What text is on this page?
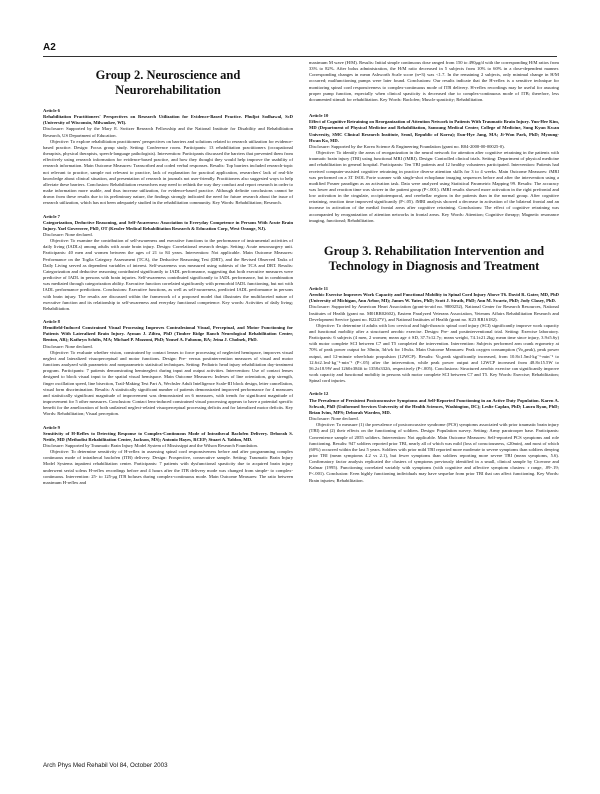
A2
Group 2. Neuroscience and Neurorehabilitation

Article 6

Rehabilitation Practitioners' Perspectives on Research Utilization for Evidence-Based Practice. Phuljot Sodhawal, ScD (University of Wisconsin, Milwaukee, WI).

Disclosure: Supported by the Mary E. Switzer Research Fellowship and the National Institute for Disability and Rehabilitation Research, US Department of Education.

Objective: To explore rehabilitation practitioners' perspectives on barriers and solutions related to research utilization for evidence-based practice. Design: Focus group study. Setting: Conference room. Participants: 13 rehabilitation practitioners (occupational therapists, physical therapists, speech-language pathologists). Intervention: Participants discussed the barriers that prevented them from effectively using research information for evidence-based practice, and how they thought they would help improve the usability of research information. Main Outcome Measures: Transcribed and coded verbal responses. Results: Top barriers included research-topic not relevant to practice, sample not relevant to practice, lack of explanation for practical application, researchers' lack of real-life knowledge about clinical situation, and presentation of research in journals not user-friendly. Practitioners also suggested ways to help alleviate these barriers. Conclusion: Rehabilitation researchers may need to rethink the way they conduct and report research in order to make information more usable, and thus increase utilization, for evidence-based practice. Although definite conclusions cannot be drawn from these results due to its preliminary nature, the findings strongly indicated the need for future research about the issue of research utilization, which has not been adequately studied in the rehabilitation community. Key Words: Rehabilitation; Research.

Article 7

Categorization, Deductive Reasoning, and Self-Awareness: Association to Everyday Competence in Persons With Acute Brain Injury. Yael Goverover, PhD, OT (Kessler Medical Rehabilitation Research & Education Corp, West Orange, NJ).

Disclosure: None declared.

Objective: To examine the contribution of self-awareness and executive functions to the performance of instrumental activities of daily living (IADLs) among adults with acute brain injury. Design: Correlational research design. Setting: Acute neurosurgery unit. Participants: 40 men and women between the ages of 21 to 84 years. Intervention: Not applicable. Main Outcome Measures: Performance on the Toglia Category Assessment (TCA), the Deductive Reasoning Test (DRT), and the Revised Observed Tasks of Daily Living served as dependent variables of interest. Self-awareness was measured using subtests of the TCA and DRT. Results: Categorization and deductive reasoning contributed significantly to IADL performance, suggesting that both executive measures were predictive of IADL in persons with brain injuries. Self-awareness contributed significantly to IADL performance, but in combination was mediated through categorization ability. Executive function correlated significantly with premorbid IADL functioning, but not with IADL performance predictions. Conclusions: Executive functions, as well as self-awareness, predicted IADL performance in persons with brain injury. The results are discussed within the framework of a proposed model that illustrates the multifaceted nature of executive function and its relationship to self-awareness and everyday functional competence. Key words: Activities of daily living; Rehabilitation.

Article 8

Hemifield-Induced Constrained Visual Processing Improves Contralesional Visual, Perceptual, and Motor Functioning for Patients With Lateralized Brain Injury. Ayman J. Ziltea, PhD (Timber Ridge Ranch Neurological Rehabilitation Center, Benton, AR); Kathryn Schilts, MA; Michael P. Mozzoni, PhD; Yousef A. Fahoum, BA; Jeina J. Cholnek, PhD.

Disclosure: None declared.

Objective: To evaluate whether vision, constrained by contact lenses to force processing of neglected hemispace, improves visual neglect and lateralized visuoperceptual and motor functions. Design: Pre- versus postintervention measures of visual and motor functions analyzed with parametric and nonparametric statistical techniques. Setting: Pediatric head injury rehabilitation day-treatment program. Participants: 7 patients demonstrating hemineglect during input and output activities. Intervention: Use of contact lenses designed to block visual input to the spatial visual hemispace. Main Outcome Measures: Indexes of line orientation, grip strength, finger oscillation speed, line bisection, Trail-Making Test Part A, Wechsler Adult Intelligence Scale-III block design, letter cancellation, visual form discrimination. Results: A statistically significant number of patients demonstrated improved performance for 4 measures and statistically significant magnitude of improvement was demonstrated on 6 measures, with trends for significant magnitude of improvement for 5 other measures. Conclusion: Contact lens-induced constrained visual processing appears to have a potential specific benefit for the amelioration of both unilateral neglect-related visuoperceptual processing deficits and for lateralized motor deficits. Key Words: Rehabilitation; Visual perception.

Article 9

Sensitivity of H-Reflex to Detecting Response to Complex-Continuous Mode of Intrathecal Baclofen Delivery. Deborah S. Nettle, MD (Methodist Rehabilitation Center, Jackson, MS); Antonio Hayes, RCEP; Stuart A. Yablon, MD.

Disclosure: Supported by Traumatic Brain Injury Model System of Mississippi and the Wilson Research Foundation.

Objective: To determine sensitivity of H-reflex in assessing spinal cord responsiveness before and after programming complex continuous mode of intrathecal baclofen (ITB) delivery. Design: Prospective, consecutive sample. Setting: Traumatic Brain Injury Model Systems inpatient rehabilitation center. Participants: 7 patients with dysfunctional spasticity due to acquired brain injury underwent serial soleus H-reflex recordings before and 4 hours after the ITB delivery mode was changed from simple- to complex-continuous. Intervention: 25- to 125-μg ITB boluses during complex-continuous mode. Main Outcome Measures: The ratio between maximum H-reflex and

maximum M wave (H/M). Results: Initial simple continuous dose ranged from 150 to 490μg/d with the corresponding H/M ratios from 33% to 82%. After bolus administration, the H/M ratio decreased in 5 subjects from 10% to 60% in a dose-dependent manner. Corresponding changes in mean Ashworth Scale score (n=3) was <1.7. In the remaining 2 subjects, only minimal change in H/M occurred; malfunctioning pumps were later found. Conclusions: Our results indicate that the H-reflex is a sensitive technique for monitoring spinal cord responsiveness to complex-continuous mode of ITB delivery. H-reflex recordings may be useful for assuring proper pump function, especially when clinical spasticity is decreased due to complex-continuous mode of ITB; therefore, less documented stimuli for rehabilitation. Key Words: Baclofen; Muscle spasticity; Rehabilitation.

Article 10

Effect of Cognitive Retraining on Reorganization of Attention Network in Patients With Traumatic Brain Injury. Yun-Hee Kim, MD (Department of Physical Medicine and Rehabilitation, Samsung Medical Center, College of Medicine, Sung Kyun Kwan University, SMC Clinical Research Institute, Seoul, Republic of Korea); Eun-Hye Jang, MA; Ji-Won Park, PhD; Myoung-Hwan Ko, MD.

Disclosure: Supported by the Korea Science & Engineering Foundation (grant no. R04-2000-00-00025-0).

Objective: To identify the areas of reorganization in the neural network for attention after cognitive retraining in the patients with traumatic brain injury (TBI) using functional MRI (fMRI). Design: Controlled clinical trials. Setting: Department of physical medicine and rehabilitation in general hospital. Participants: Ten TBI patients and 12 healthy volunteers participated. Intervention: Patients had received computer-assisted cognitive retraining in practice diverse attention skills for 3 to 4 weeks. Main Outcome Measures: fMRI was performed on a 3T ISOL Forte scanner with single-shot echoplanar imaging sequences before and after the intervention using a modified Posner paradigm as an activation task. Data were analyzed using Statistical Parametric Mapping 99. Results: The accuracy was lower and reaction time was slower in the patient group (P<.001). fMRI results showed more activation in the right prefrontal and low activation in the cingulate, occipitotemporal, and cerebellar regions in the patients than in the normal group. After cognitive retraining, reaction time improved significantly (P<.05). fMRI analysis showed a decrease in activation of the bilateral frontal and an increase in activation of the medial frontal areas after cognitive retraining. Conclusions: The effect of cognitive retraining was accompanied by reorganization of attention networks in frontal areas. Key Words: Attention; Cognitive therapy; Magnetic resonance imaging, functional; Rehabilitation.

Group 3. Rehabilitation Intervention and
Technology in Diagnosis and Treatment

Article 11

Aerobic Exercise Improves Work Capacity and Functional Mobility in Spinal Cord Injury Above T6. David R. Gater, MD, PhD (University of Michigan, Ann Arbor, MI); James W. Yates, PhD; Scott J. Strath, PhD; Ann M. Swartz, PhD; Jody Clasey, PhD.

Disclosure: Supported by American Heart Association (grant-in-aid no. 9800252), National Center for Research Resources, National Institutes of Health (grant no. M01RR02602), Eastern Paralyzed Veterans Association, Veterans Affairs Rehabilitation Research and Development Service (grant no. B2247V), and National Institutes of Health (grant no. K23 RR16182).

Objective: To determine if adults with low cervical and high-thoracic spinal cord injury (SCI) significantly improve work capacity and functional mobility after a structured aerobic exercise. Design: Pre- and postinterventional trial. Setting: Exercise laboratory. Participants: 6 subjects (4 men, 2 women; mean age ± SD, 37.7±12.7y; mean weight, 74.1±21.2kg; mean time since injury, 3.9±5.6y) with motor complete SCI between C7 and T5 completed the intervention. Intervention: Subjects performed arm crank ergometry at 70% of peak power output for 30min, 3d/wk for 10wks. Main Outcome Measures: Peak oxygen consumption (V̇o₂peak), peak power output, and 12-minute wheelchair propulsion (12WCP). Results: V̇o₂peak significantly increased, from 10.8±1.5ml·kg⁻¹·min⁻¹ to 12.6±2.1ml·kg⁻¹·min⁻¹ (P<.05) after the intervention, while peak power output and 12WCP increased from 48.8±15.5W to 56.2±18.9W and 1260±384ft to 1358±332ft, respectively (P<.005). Conclusions: Structured aerobic exercise can significantly improve work capacity and functional mobility in persons with motor complete SCI between C7 and T5. Key Words: Exercise; Rehabilitation; Spinal cord injuries.

Article 12

The Prevalence of Persistent Postconcussive Symptoms and Self-Reported Functioning in an Active Duty Population. Karen A. Schwab, PhD (Uniformed Services University of the Health Sciences, Washington, DC); Leslie Caplan, PhD; Laura Ryan, PhD; Brian Ivins, MPS; Deborah Warden, MD.

Disclosure: None declared.

Objective: To measure (1) the prevalence of postconcussive syndrome (PCS) symptoms associated with prior traumatic brain injury (TBI) and (2) their effects on the functioning of soldiers. Design: Population survey. Setting: Army paratrooper base. Participants: Convenience sample of 2055 soldiers. Intervention: Not applicable. Main Outcome Measures: Self-reported PCS symptoms and role functioning. Results: 947 soldiers reported prior TBI, nearly all of which was mild (loss of consciousness, ≤20min), and most of which (60%) occurred within the last 5 years. Soldiers with prior mild TBI reported more moderate to severe symptoms than soldiers denying prior TBI (mean symptoms 4.2 vs 2.1), but fewer symptoms than soldiers reporting more severe TBI (mean symptoms, 5.6). Confirmatory factor analysis replicated the clusters of symptoms previously identified in a small, clinical sample by Cicerone and Kalmar (1995). Functioning correlated variably with symptoms (with cognitive and affective symptom clusters: r range, .09-.19; P<.001). Conclusion: Even highly functioning individuals may have sequelae from prior TBI that can affect functioning. Key Words: Brain injuries; Rehabilitation.

Arch Phys Med Rehabil Vol 84, October 2003
